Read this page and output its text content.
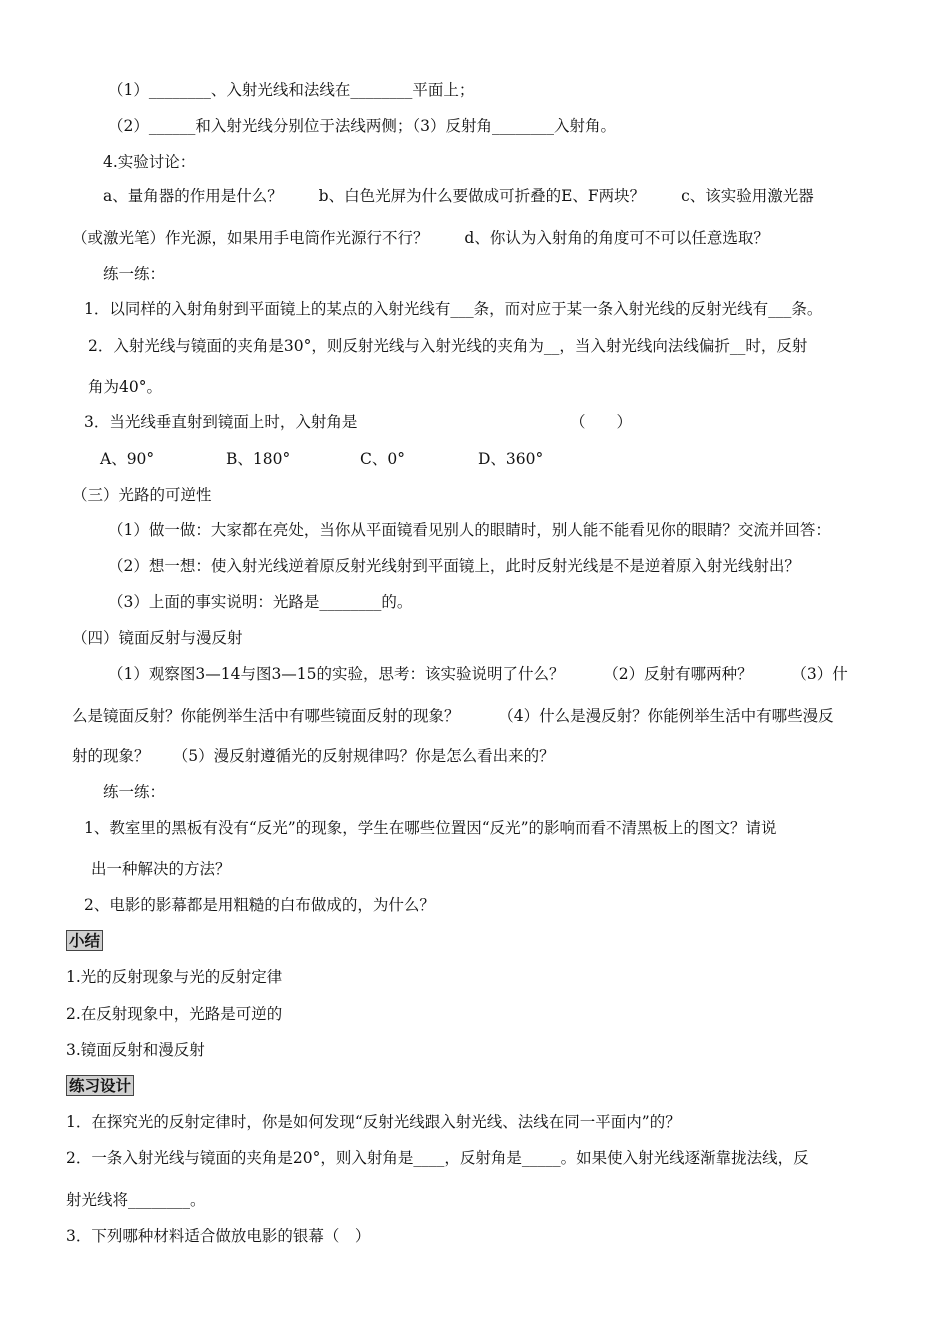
（1）________、入射光线和法线在________平面上；
（2）______和入射光线分别位于法线两侧；（3）反射角________入射角。
4.实验讨论：
a、量角器的作用是什么？　　 b、白色光屏为什么要做成可折叠的E、F两块？　　 c、该实验用激光器
（或激光笔）作光源，如果用手电筒作光源行不行？　　 d、你认为入射角的角度可不可以任意选取？
练一练：
1．以同样的入射角射到平面镜上的某点的入射光线有___条，而对应于某一条入射光线的反射光线有___条。
2．入射光线与镜面的夹角是30°，则反射光线与入射光线的夹角为__，当入射光线向法线偏折__时，反射
角为40°。
3．当光线垂直射到镜面上时，入射角是	（　　）
A、90°	B、180°	C、0°	D、360°
（三）光路的可逆性
（1）做一做：大家都在亮处，当你从平面镜看见别人的眼睛时，别人能不能看见你的眼睛？交流并回答：
（2）想一想：使入射光线逆着原反射光线射到平面镜上，此时反射光线是不是逆着原入射光线射出？
（3）上面的事实说明：光路是________的。
（四）镜面反射与漫反射
（1）观察图3—14与图3—15的实验，思考：该实验说明了什么？　　　（2）反射有哪两种？　　　（3）什
么是镜面反射？你能例举生活中有哪些镜面反射的现象？　　　（4）什么是漫反射？你能例举生活中有哪些漫反
射的现象？　　（5）漫反射遵循光的反射规律吗？你是怎么看出来的？
练一练：
1、教室里的黑板有没有“反光”的现象，学生在哪些位置因“反光”的影响而看不清黑板上的图文？请说
出一种解决的方法？
2、电影的影幕都是用粗糙的白布做成的，为什么？
小结
1.光的反射现象与光的反射定律
2.在反射现象中，光路是可逆的
3.镜面反射和漫反射
练习设计
1．在探究光的反射定律时，你是如何发现“反射光线跟入射光线、法线在同一平面内”的？
2．一条入射光线与镜面的夹角是20°，则入射角是____，反射角是_____。如果使入射光线逐渐靠拢法线，反
射光线将________。
3．下列哪种材料适合做放电影的银幕（　）
